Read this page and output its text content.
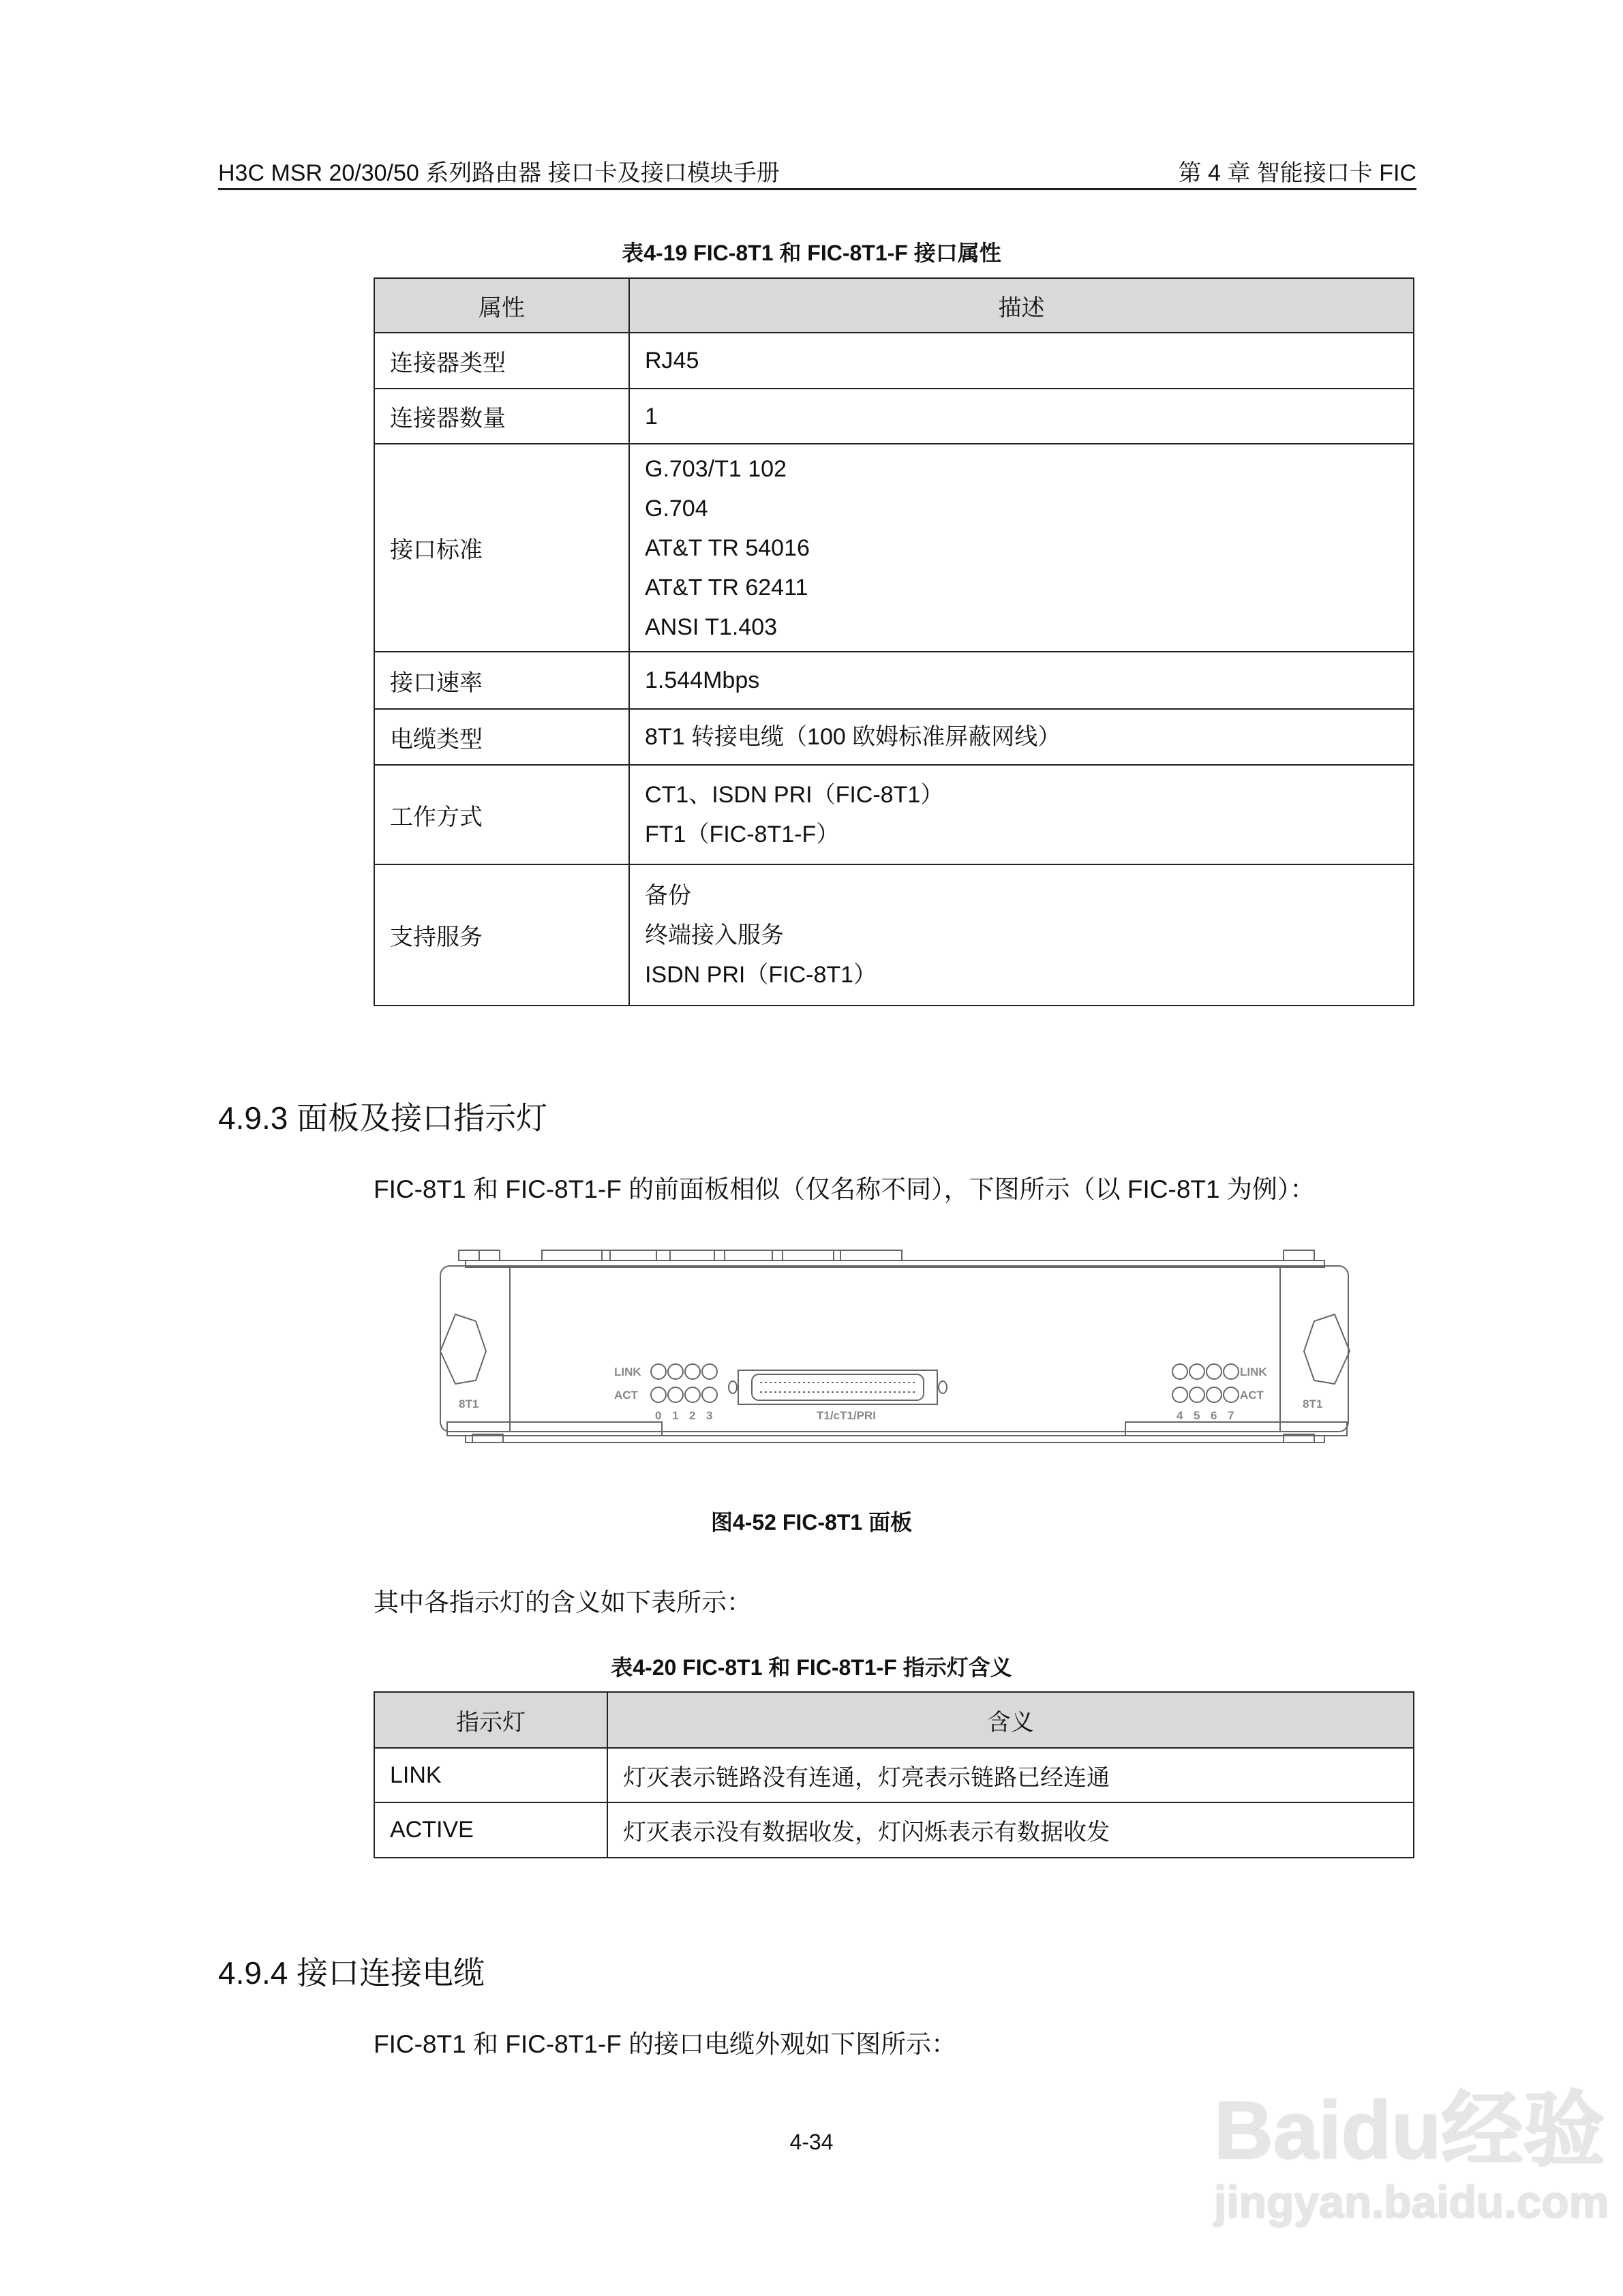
H3C MSR 20/30/50 系列路由器 接口卡及接口模块手册	第 4 章 智能接口卡 FIC
表4-19 FIC-8T1 和 FIC-8T1-F 接口属性
属性	描述
连接器类型	RJ45

连接器数量	1

接口标准	G.703/T1 102
G.704
AT&T TR 54016
AT&T TR 62411
ANSI T1.403

接口速率	1.544Mbps

电缆类型	8T1 转接电缆（100 欧姆标准屏蔽网线）

工作方式	CT1、ISDN PRI（FIC-8T1）
FT1（FIC-8T1-F）

支持服务	备份
终端接入服务
ISDN PRI（FIC-8T1）
4.9.3 面板及接口指示灯
FIC-8T1 和 FIC-8T1-F 的前面板相似（仅名称不同），下图所示（以 FIC-8T1 为例）：
LINK
ACT
LINK
ACT
0 1 2 3	4 5 6 7
T1/cT1/PRI
8T1	8T1
图4-52 FIC-8T1 面板
其中各指示灯的含义如下表所示：
表4-20 FIC-8T1 和 FIC-8T1-F 指示灯含义
指示灯	含义
LINK	灯灭表示链路没有连通，灯亮表示链路已经连通
ACTIVE	灯灭表示没有数据收发，灯闪烁表示有数据收发
4.9.4 接口连接电缆
FIC-8T1 和 FIC-8T1-F 的接口电缆外观如下图所示：
4-34	Baidu经验
jingyan.baidu.com
